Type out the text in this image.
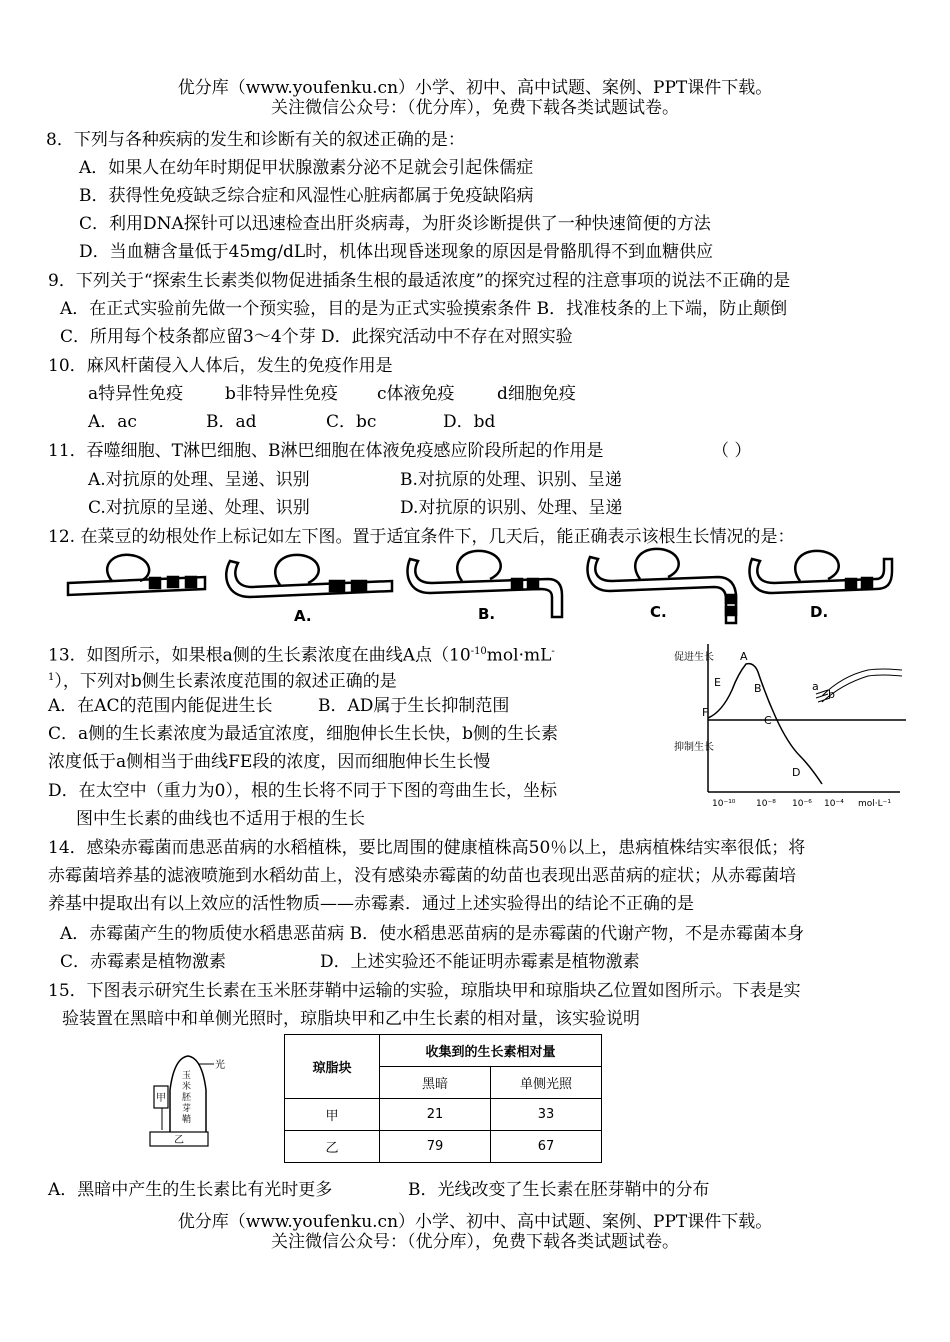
优分库（www.youfenku.cn）小学、初中、高中试题、案例、PPT课件下载。
关注微信公众号：（优分库），免费下载各类试题试卷。
8．下列与各种疾病的发生和诊断有关的叙述正确的是：
A．如果人在幼年时期促甲状腺激素分泌不足就会引起侏儒症
B．获得性免疫缺乏综合症和风湿性心脏病都属于免疫缺陷病
C．利用DNA探针可以迅速检查出肝炎病毒，为肝炎诊断提供了一种快速简便的方法
D．当血糖含量低于45mg/dL时，机体出现昏迷现象的原因是骨骼肌得不到血糖供应
9．下列关于“探索生长素类似物促进插条生根的最适浓度”的探究过程的注意事项的说法不正确的是
A．在正式实验前先做一个预实验，目的是为正式实验摸索条件 B．找准枝条的上下端，防止颠倒
C．所用每个枝条都应留3～4个芽 D．此探究活动中不存在对照实验
10．麻风杆菌侵入人体后，发生的免疫作用是
a特异性免疫 b非特异性免疫 c体液免疫 d细胞免疫
A．ac	B．ad	C．bc	D．bd
11．吞噬细胞、T淋巴细胞、B淋巴细胞在体液免疫感应阶段所起的作用是	（ ）
A.对抗原的处理、呈递、识别	B.对抗原的处理、识别、呈递
C.对抗原的呈递、处理、识别	D.对抗原的识别、处理、呈递
12. 在菜豆的幼根处作上标记如左下图。置于适宜条件下，几天后，能正确表示该根生长情况的是：
A.	B.	C.	D.
13．如图所示，如果根a侧的生长素浓度在曲线A点（$10^{-10}mol\cdot mL^-$
$^1$），下列对b侧生长素浓度范围的叙述正确的是
A．在AC的范围内能促进生长	B．AD属于生长抑制范围
C．a侧的生长素浓度为最适宜浓度，细胞伸长生长快，b侧的生长素
浓度低于a侧相当于曲线FE段的浓度，因而细胞伸长生长慢
D．在太空中（重力为0），根的生长将不同于下图的弯曲生长，坐标
图中生长素的曲线也不适用于根的生长
促进生长
抑制生长
A
B
C
D
E
F
a
b
10⁻¹⁰ 10⁻⁸ 10⁻⁶ 10⁻⁴ mol·L⁻¹
14．感染赤霉菌而患恶苗病的水稻植株，要比周围的健康植株高50％以上，患病植株结实率很低；将
赤霉菌培养基的滤液喷施到水稻幼苗上，没有感染赤霉菌的幼苗也表现出恶苗病的症状；从赤霉菌培
养基中提取出有以上效应的活性物质——赤霉素．通过上述实验得出的结论不正确的是
A．赤霉菌产生的物质使水稻患恶苗病 B．使水稻患恶苗病的是赤霉菌的代谢产物，不是赤霉菌本身
C．赤霉素是植物激素	D．上述实验还不能证明赤霉素是植物激素
15．下图表示研究生长素在玉米胚芽鞘中运输的实验，琼脂块甲和琼脂块乙位置如图所示。下表是实
验装置在黑暗中和单侧光照时，琼脂块甲和乙中生长素的相对量，该实验说明
光
甲
乙
玉
米
胚
芽
鞘
琼脂块	收集到的生长素相对量	
	黑暗	单侧光照
甲	21	33
乙	79	67
A．黑暗中产生的生长素比有光时更多	B．光线改变了生长素在胚芽鞘中的分布
优分库（www.youfenku.cn）小学、初中、高中试题、案例、PPT课件下载。
关注微信公众号：（优分库），免费下载各类试题试卷。
